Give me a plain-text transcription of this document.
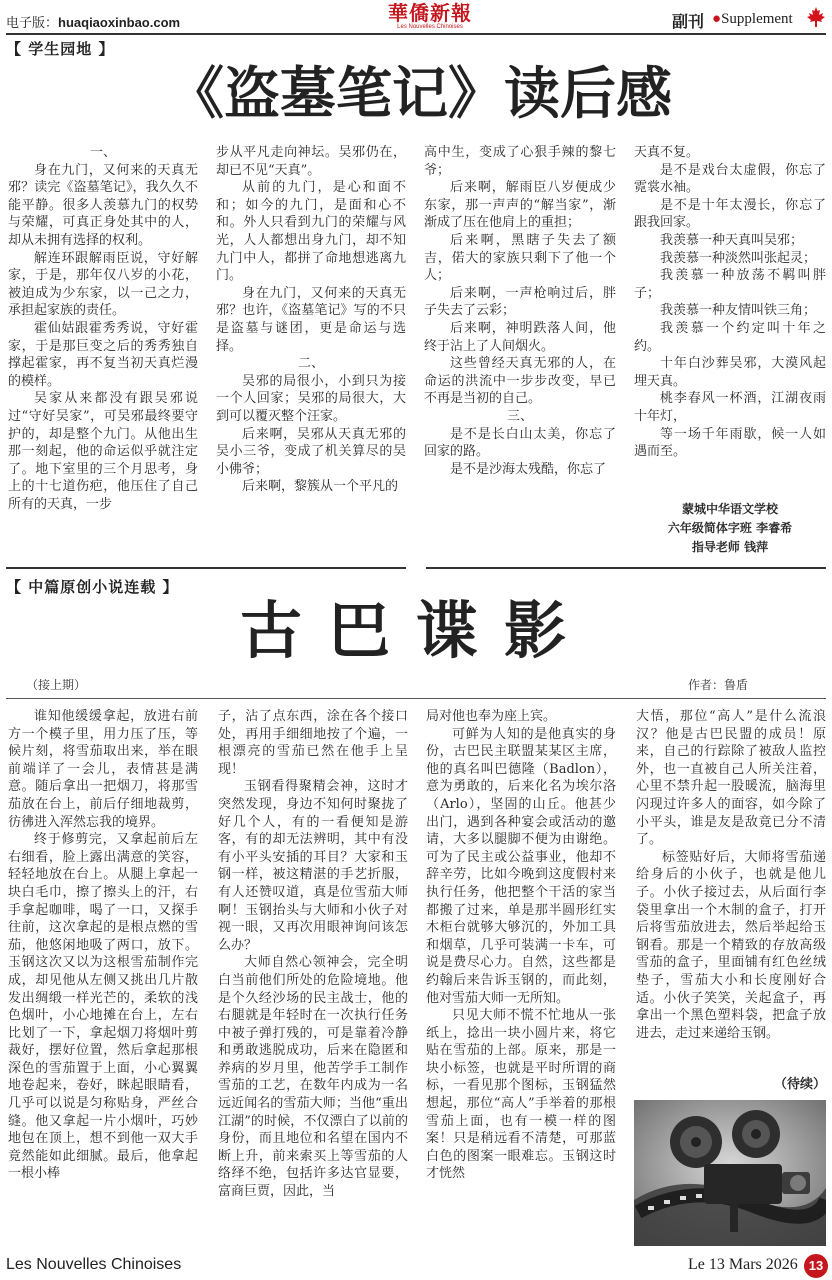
电子版：huaqiaoxinbao.com	華僑新報
Les Nouvelles Chinoises	副刊 ●Supplement
【 学生园地 】
《盗墓笔记》读后感

一、

身在九门，又何来的天真无邪？读完《盗墓笔记》，我久久不能平静。很多人羡慕九门的权势与荣耀，可真正身处其中的人，却从未拥有选择的权利。

解连环跟解雨臣说，守好解家，于是，那年仅八岁的小花，被迫成为少东家，以一己之力，承担起家族的责任。

霍仙姑跟霍秀秀说，守好霍家，于是那巨变之后的秀秀独自撑起霍家，再不复当初天真烂漫的模样。

吴家从来都没有跟吴邪说过“守好吴家”，可吴邪最终要守护的，却是整个九门。从他出生那一刻起，他的命运似乎就注定了。地下室里的三个月思考，身上的十七道伤疤，他压住了自己所有的天真，一步

步从平凡走向神坛。吴邪仍在，却已不见“天真”。

从前的九门，是心和面不和；如今的九门，是面和心不和。外人只看到九门的荣耀与风光，人人都想出身九门，却不知九门中人，都拼了命地想逃离九门。

身在九门，又何来的天真无邪？也许，《盗墓笔记》写的不只是盗墓与谜团，更是命运与选择。

二、

吴邪的局很小，小到只为接一个人回家；吴邪的局很大，大到可以覆灭整个汪家。

后来啊，吴邪从天真无邪的吴小三爷，变成了机关算尽的吴小佛爷；

后来啊，黎簇从一个平凡的

高中生，变成了心狠手辣的黎七爷；

后来啊，解雨臣八岁便成少东家，那一声声的“解当家”，渐渐成了压在他肩上的重担；

后来啊，黑瞎子失去了额吉，偌大的家族只剩下了他一个人；

后来啊，一声枪响过后，胖子失去了云彩；

后来啊，神明跌落人间，他终于沾上了人间烟火。

这些曾经天真无邪的人，在命运的洪流中一步步改变，早已不再是当初的自己。

三、

是不是长白山太美，你忘了回家的路。

是不是沙海太残酷，你忘了

天真不复。

是不是戏台太虚假，你忘了霓裳水袖。

是不是十年太漫长，你忘了跟我回家。

我羡慕一种天真叫吴邪；

我羡慕一种淡然叫张起灵；

我羡慕一种放荡不羁叫胖子；

我羡慕一种友情叫铁三角；

我羡慕一个约定叫十年之约。

十年白沙葬吴邪，大漠风起埋天真。

桃李春风一杯酒，江湖夜雨十年灯，

等一场千年雨歇，候一人如遇而至。

蒙城中华语文学校

六年级简体字班 李睿希

指导老师 钱萍

【 中篇原创小说连载 】
古巴谍影
（接上期）	作者：鲁盾

谁知他缓缓拿起，放进右前方一个模子里，用力压了压，等候片刻，将雪茄取出来，举在眼前端详了一会儿，表情甚是满意。随后拿出一把烟刀，将那雪茄放在台上，前后仔细地裁剪，彷彿进入浑然忘我的境界。

终于修剪完，又拿起前后左右细看，脸上露出满意的笑容，轻轻地放在台上。从腿上拿起一块白毛巾，擦了擦头上的汗，右手拿起咖啡，喝了一口，又探手往前，这次拿起的是根点燃的雪茄，他悠闲地吸了两口，放下。玉钢这次又以为这根雪茄制作完成，却见他从左侧又挑出几片散发出绸缎一样光芒的，柔软的浅色烟叶，小心地摊在台上，左右比划了一下，拿起烟刀将烟叶剪裁好，摆好位置，然后拿起那根深色的雪茄置于上面，小心翼翼地卷起来，卷好，眯起眼睛看，几乎可以说是匀称贴身，严丝合缝。他又拿起一片小烟叶，巧妙地包在顶上，想不到他一双大手竟然能如此细腻。最后，他拿起一根小棒

子，沾了点东西，涂在各个接口处，再用手细细地按了个遍，一根漂亮的雪茄已然在他手上呈现！

玉钢看得聚精会神，这时才突然发现，身边不知何时聚拢了好几个人，有的一看便知是游客，有的却无法辨明，其中有没有小平头安插的耳目？大家和玉钢一样，被这精湛的手艺折服，有人还赞叹道，真是位雪茄大师啊！玉钢抬头与大师和小伙子对视一眼，又再次用眼神询问该怎么办？

大师自然心领神会，完全明白当前他们所处的危险境地。他是个久经沙场的民主战士，他的右腿就是年轻时在一次执行任务中被子弹打残的，可是靠着冷静和勇敢逃脱成功，后来在隐匿和养病的岁月里，他苦学手工制作雪茄的工艺，在数年内成为一名远近闻名的雪茄大师；当他“重出江湖”的时候，不仅漂白了以前的身份，而且地位和名望在国内不断上升，前来索买上等雪茄的人络绎不绝，包括许多达官显要，富商巨贾，因此，当

局对他也奉为座上宾。

可鲜为人知的是他真实的身份，古巴民主联盟某某区主席，他的真名叫巴德隆（Badlon），意为勇敢的，后来化名为埃尔洛（Arlo），坚固的山丘。他甚少出门，遇到各种宴会或活动的邀请，大多以腿脚不便为由谢绝。可为了民主或公益事业，他却不辞辛劳，比如今晚到这度假村来执行任务，他把整个干活的家当都搬了过来，单是那半圆形红实木柜台就够大够沉的，外加工具和烟草，几乎可装满一卡车，可说是费尽心力。自然，这些都是约翰后来告诉玉钢的，而此刻，他对雪茄大师一无所知。

只见大师不慌不忙地从一张纸上，捻出一块小圆片来，将它贴在雪茄的上部。原来，那是一块小标签，也就是平时所谓的商标，一看见那个图标，玉钢猛然想起，那位“高人”手举着的那根雪茄上面，也有一模一样的图案！只是稍远看不清楚，可那蓝白色的图案一眼难忘。玉钢这时才恍然

大悟，那位“高人”是什么流浪汉？他是古巴民盟的成员！原来，自己的行踪除了被敌人监控外，也一直被自己人所关注着，心里不禁升起一股暖流，脑海里闪现过许多人的面容，如今除了小平头，谁是友是敌竟已分不清了。

标签贴好后，大师将雪茄递给身后的小伙子，也就是他儿子。小伙子接过去，从后面行李袋里拿出一个木制的盒子，打开后将雪茄放进去，然后举起给玉钢看。那是一个精致的存放高级雪茄的盒子，里面铺有红色丝绒垫子，雪茄大小和长度刚好合适。小伙子笑笑，关起盒子，再拿出一个黑色塑料袋，把盒子放进去，走过来递给玉钢。

（待续）

Les Nouvelles Chinoises	Le 13 Mars 2026 13
